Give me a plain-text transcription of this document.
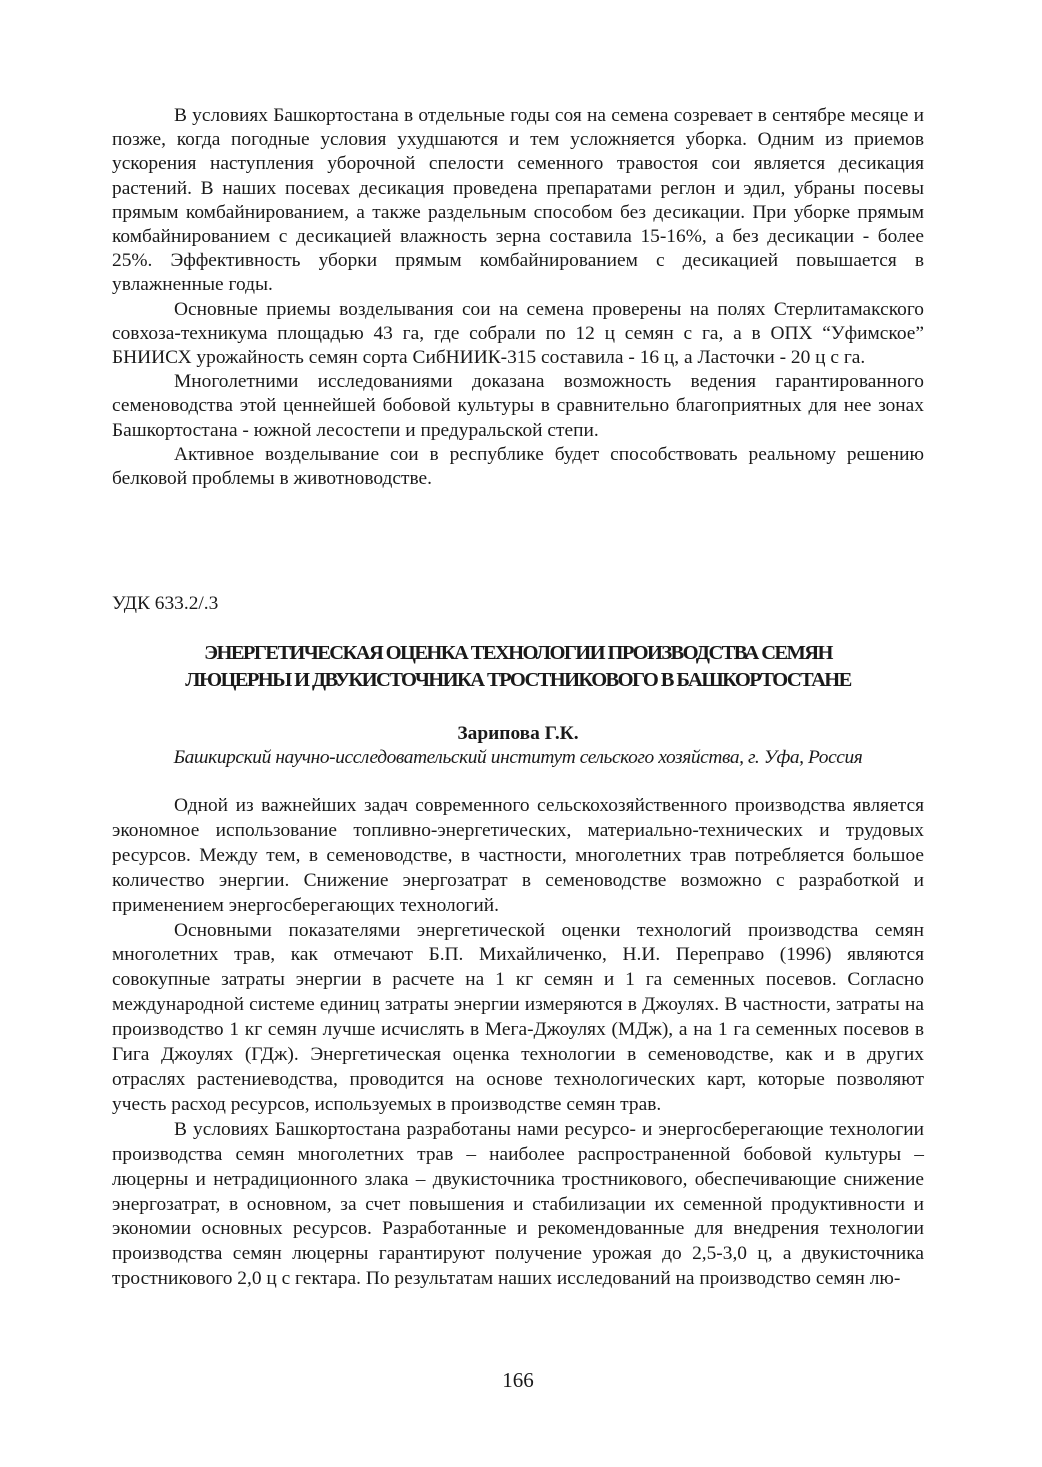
В условиях Башкортостана в отдельные годы соя на семена созревает в сентябре месяце и позже, когда погодные условия ухудшаются и тем усложняется уборка. Одним из приемов ускорения наступления уборочной спелости семенного травостоя сои является десикация растений. В наших посевах десикация проведена препаратами реглон и эдил, убраны посевы прямым комбайнированием, а также раздельным способом без десикации. При уборке прямым комбайнированием с десикацией влажность зерна составила 15-16%, а без десикации - более 25%. Эффективность уборки прямым комбайнированием с десикацией повышается в увлажненные годы.

Основные приемы возделывания сои на семена проверены на полях Стерлитамакского совхоза-техникума площадью 43 га, где собрали по 12 ц семян с га, а в ОПХ “Уфимское” БНИИСХ урожайность семян сорта СибНИИК-315 составила - 16 ц, а Ласточки - 20 ц с га.

Многолетними исследованиями доказана возможность ведения гарантированного семеноводства этой ценнейшей бобовой культуры в сравнительно благоприятных для нее зонах Башкортостана - южной лесостепи и предуральской степи.

Активное возделывание сои в республике будет способствовать реальному решению белковой проблемы в животноводстве.

УДК 633.2/.3

ЭНЕРГЕТИЧЕСКАЯ ОЦЕНКА ТЕХНОЛОГИИ ПРОИЗВОДСТВА СЕМЯН
ЛЮЦЕРНЫ И ДВУКИСТОЧНИКА ТРОСТНИКОВОГО В БАШКОРТОСТАНЕ

Зарипова Г.К.

Башкирский научно-исследовательский институт сельского хозяйства, г. Уфа, Россия

Одной из важнейших задач современного сельскохозяйственного производства является экономное использование топливно-энергетических, материально-технических и трудовых ресурсов. Между тем, в семеноводстве, в частности, многолетних трав потребляется большое количество энергии. Снижение энергозатрат в семеноводстве возможно с разработкой и применением энергосберегающих технологий.

Основными показателями энергетической оценки технологий производства семян многолетних трав, как отмечают Б.П. Михайличенко, Н.И. Переправо (1996) являются совокупные затраты энергии в расчете на 1 кг семян и 1 га семенных посевов. Согласно международной системе единиц затраты энергии измеряются в Джоулях. В частности, затраты на производство 1 кг семян лучше исчислять в Мега-Джоулях (МДж), а на 1 га семенных посевов в Гига Джоулях (ГДж). Энергетическая оценка технологии в семеноводстве, как и в других отраслях растениеводства, проводится на основе технологических карт, которые позволяют учесть расход ресурсов, используемых в производстве семян трав.

В условиях Башкортостана разработаны нами ресурсо- и энергосберегающие технологии производства семян многолетних трав – наиболее распространенной бобовой культуры – люцерны и нетрадиционного злака – двукисточника тростникового, обеспечивающие снижение энергозатрат, в основном, за счет повышения и стабилизации их семенной продуктивности и экономии основных ресурсов. Разработанные и рекомендованные для внедрения технологии производства семян люцерны гарантируют получение урожая до 2,5-3,0 ц, а двукисточника тростникового 2,0 ц с гектара. По результатам наших исследований на производство семян лю-

166
